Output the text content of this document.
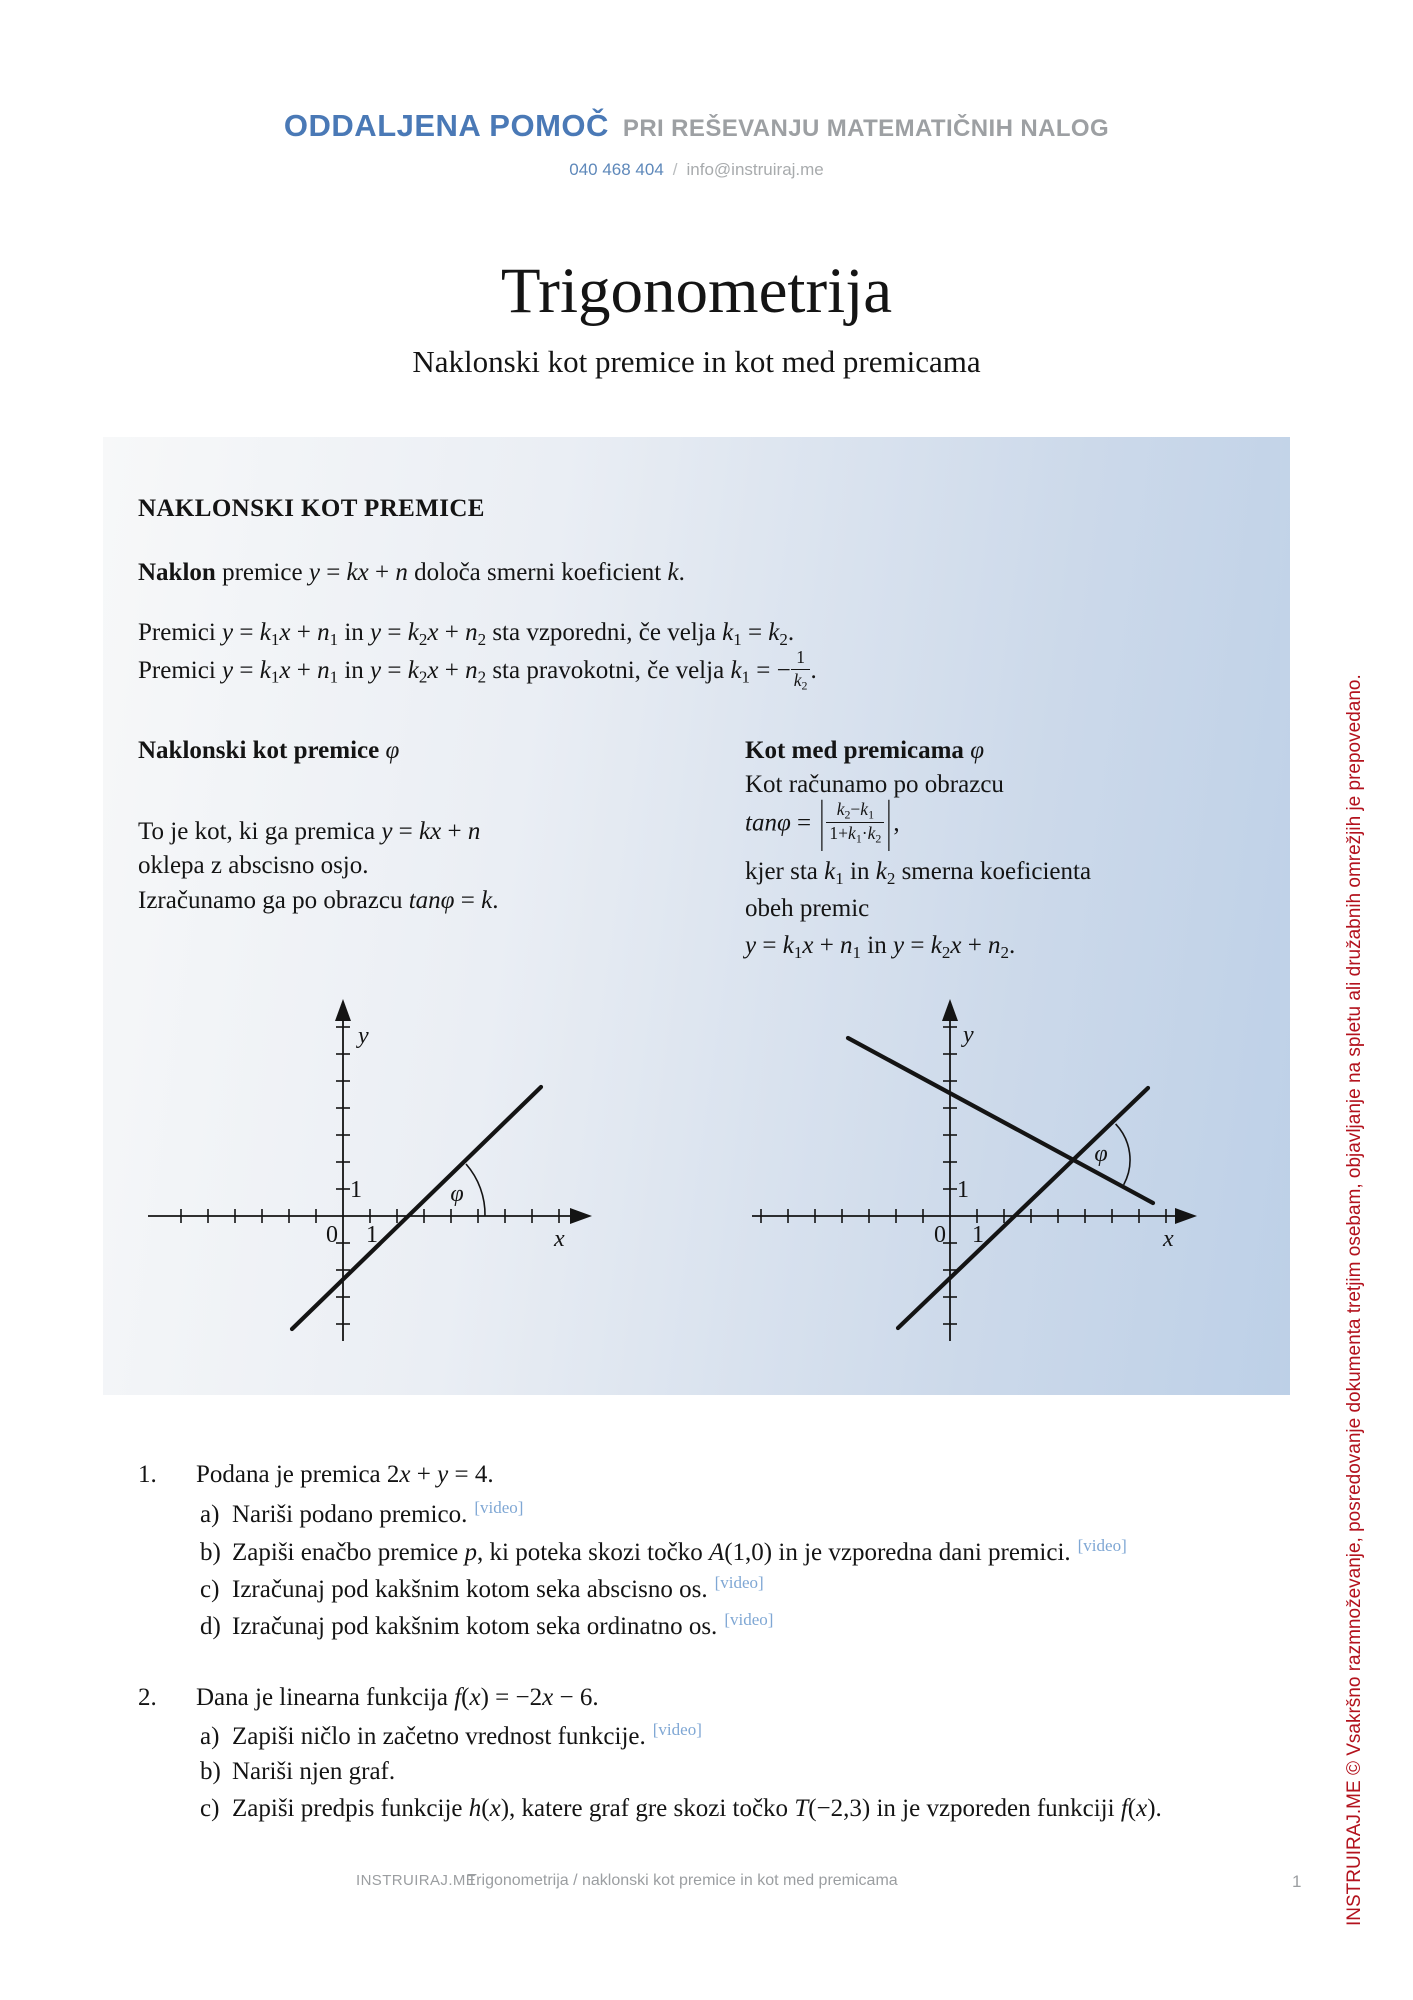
ODDALJENA POMOČ PRI REŠEVANJU MATEMATIČNIH NALOG
040 468 404 / info@instruiraj.me
Trigonometrija
Naklonski kot premice in kot med premicama
NAKLONSKI KOT PREMICE
Naklon premice y = kx + n določa smerni koeficient k.
Premici y = k1x + n1 in y = k2x + n2 sta vzporedni, če velja k1 = k2.
Premici y = k1x + n1 in y = k2x + n2 sta pravokotni, če velja k1 = − $\frac{1}{k2}$ .
Naklonski kot premice φ
To je kot, ki ga premica y = kx + n
oklepa z abscisno osjo.
Izračunamo ga po obrazcu tanφ = k.
Kot med premicama φ
Kot računamo po obrazcu
tanφ = | $\frac{k2-k1}{1+k1\cdot k2}$ |,
kjer sta k1 in k2 smerna koeficienta
obeh premic
y = k1x + n1 in y = k2x + n2.
y
x
0 1
1	φ
y
x
0 1
1
φ
1. Podana je premica 2x + y = 4.
a) Nariši podano premico. [video]
b) Zapiši enačbo premice p, ki poteka skozi točko A(1,0) in je vzporedna dani premici. [video]
c) Izračunaj pod kakšnim kotom seka abscisno os. [video]
d) Izračunaj pod kakšnim kotom seka ordinatno os. [video]
2. Dana je linearna funkcija f(x) = −2x − 6.
a) Zapiši ničlo in začetno vrednost funkcije. [video]
b) Nariši njen graf.
c) Zapiši predpis funkcije h(x), katere graf gre skozi točko T(−2,3) in je vzporeden funkciji f(x).
INSTRUIRAJ.ME
Trigonometrija / naklonski kot premice in kot med premicama	1 INSTRUIRAJ.ME © Vsakršno razmnoževanje, posredovanje dokumenta tretjim osebam, objavljanje na spletu ali družabnih omrežjih je prepovedano.
